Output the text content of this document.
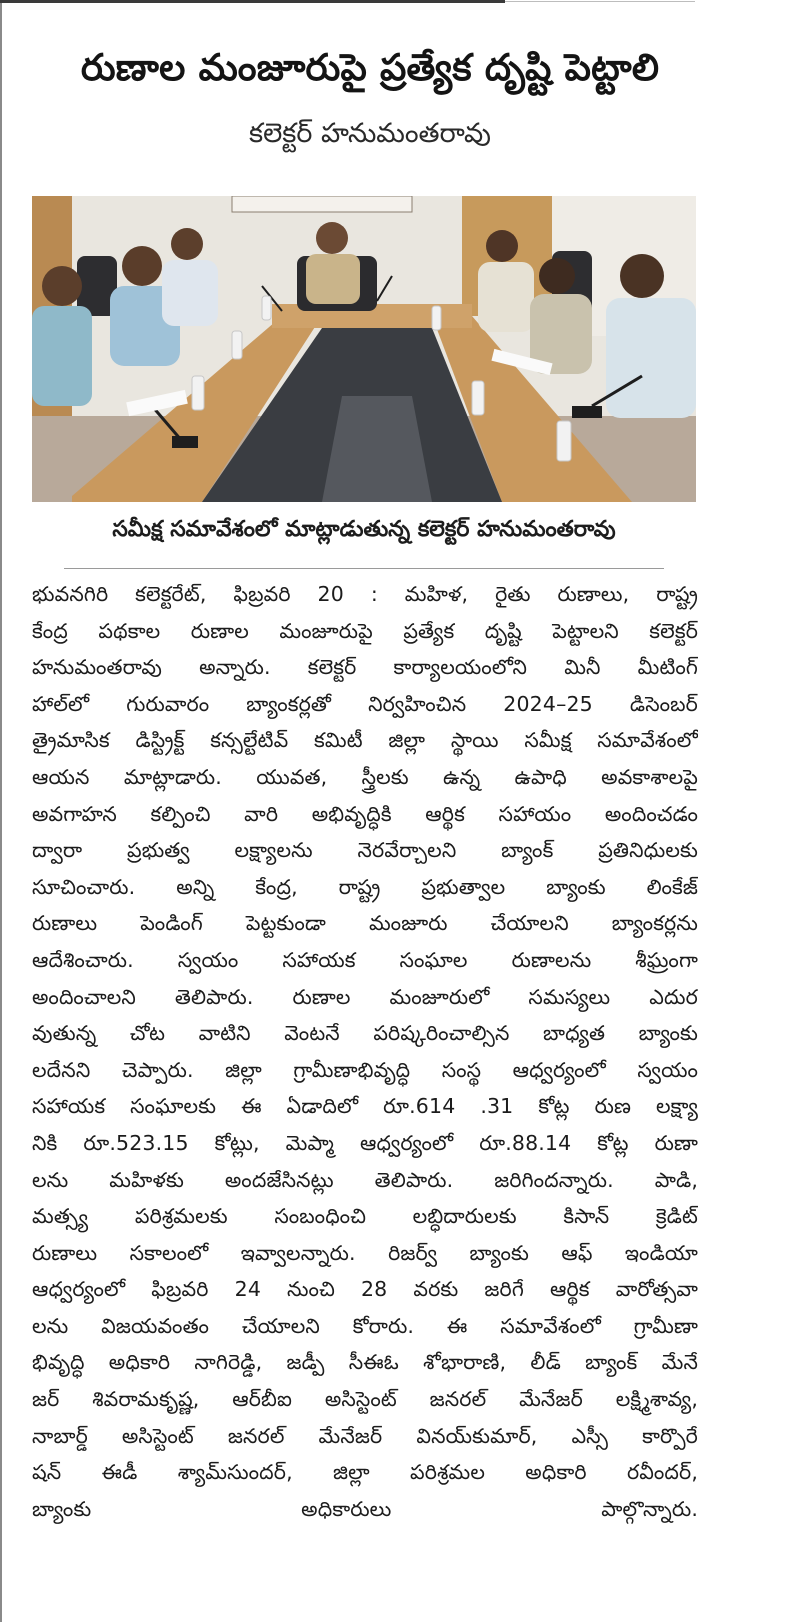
రుణాల మంజూరుపై ప్రత్యేక దృష్టి పెట్టాలి
కలెక్టర్ హనుమంతరావు
సమీక్ష సమావేశంలో మాట్లాడుతున్న కలెక్టర్ హనుమంతరావు
భువనగిరి కలెక్టరేట్, ఫిబ్రవరి 20 : మహిళ, రైతు రుణాలు, రాష్ట్ర
కేంద్ర పథకాల రుణాల మంజూరుపై ప్రత్యేక దృష్టి పెట్టాలని కలెక్టర్
హనుమంతరావు అన్నారు. కలెక్టర్ కార్యాలయంలోని మినీ మీటింగ్
హాల్‌లో గురువారం బ్యాంకర్లతో నిర్వహించిన 2024–25 డిసెంబర్
త్రైమాసిక డిస్ట్రిక్ట్ కన్సల్టేటివ్ కమిటీ జిల్లా స్థాయి సమీక్ష సమావేశంలో
ఆయన మాట్లాడారు. యువత, స్త్రీలకు ఉన్న ఉపాధి అవకాశాలపై
అవగాహన కల్పించి వారి అభివృద్ధికి ఆర్థిక సహాయం అందించడం
ద్వారా ప్రభుత్వ లక్ష్యాలను నెరవేర్చాలని బ్యాంక్ ప్రతినిధులకు
సూచించారు. అన్ని కేంద్ర, రాష్ట్ర ప్రభుత్వాల బ్యాంకు లింకేజ్
రుణాలు పెండింగ్ పెట్టకుండా మంజూరు చేయాలని బ్యాంకర్లను
ఆదేశించారు. స్వయం సహాయక సంఘాల రుణాలను శీఘ్రంగా
అందించాలని తెలిపారు. రుణాల మంజూరులో సమస్యలు ఎదుర
వుతున్న చోట వాటిని వెంటనే పరిష్కరించాల్సిన బాధ్యత బ్యాంకు
లదేనని చెప్పారు. జిల్లా గ్రామీణాభివృద్ధి సంస్థ ఆధ్వర్యంలో స్వయం
సహాయక సంఘాలకు ఈ ఏడాదిలో రూ.614 .31 కోట్ల రుణ లక్ష్యా
నికి రూ.523.15 కోట్లు, మెప్మా ఆధ్వర్యంలో రూ.88.14 కోట్ల రుణా
లను మహిళకు అందజేసినట్లు తెలిపారు. జరిగిందన్నారు. పాడి,
మత్స్య పరిశ్రమలకు సంబంధించి లబ్ధిదారులకు కిసాన్ క్రెడిట్
రుణాలు సకాలంలో ఇవ్వాలన్నారు. రిజర్వ్ బ్యాంకు ఆఫ్ ఇండియా
ఆధ్వర్యంలో ఫిబ్రవరి 24 నుంచి 28 వరకు జరిగే ఆర్థిక వారోత్సవా
లను విజయవంతం చేయాలని కోరారు. ఈ సమావేశంలో గ్రామీణా
భివృద్ధి అధికారి నాగిరెడ్డి, జడ్పీ సీఈఓ శోభారాణి, లీడ్ బ్యాంక్ మేనే
జర్ శివరామకృష్ణ, ఆర్‌బీఐ అసిస్టెంట్ జనరల్ మేనేజర్ లక్ష్మిశావ్య,
నాబార్డ్ అసిస్టెంట్ జనరల్ మేనేజర్ వినయ్‌కుమార్, ఎస్సీ కార్పొరే
షన్ ఈడీ శ్యామ్‌సుందర్, జిల్లా పరిశ్రమల అధికారి రవీందర్,
బ్యాంకు అధికారులు పాల్గొన్నారు.
